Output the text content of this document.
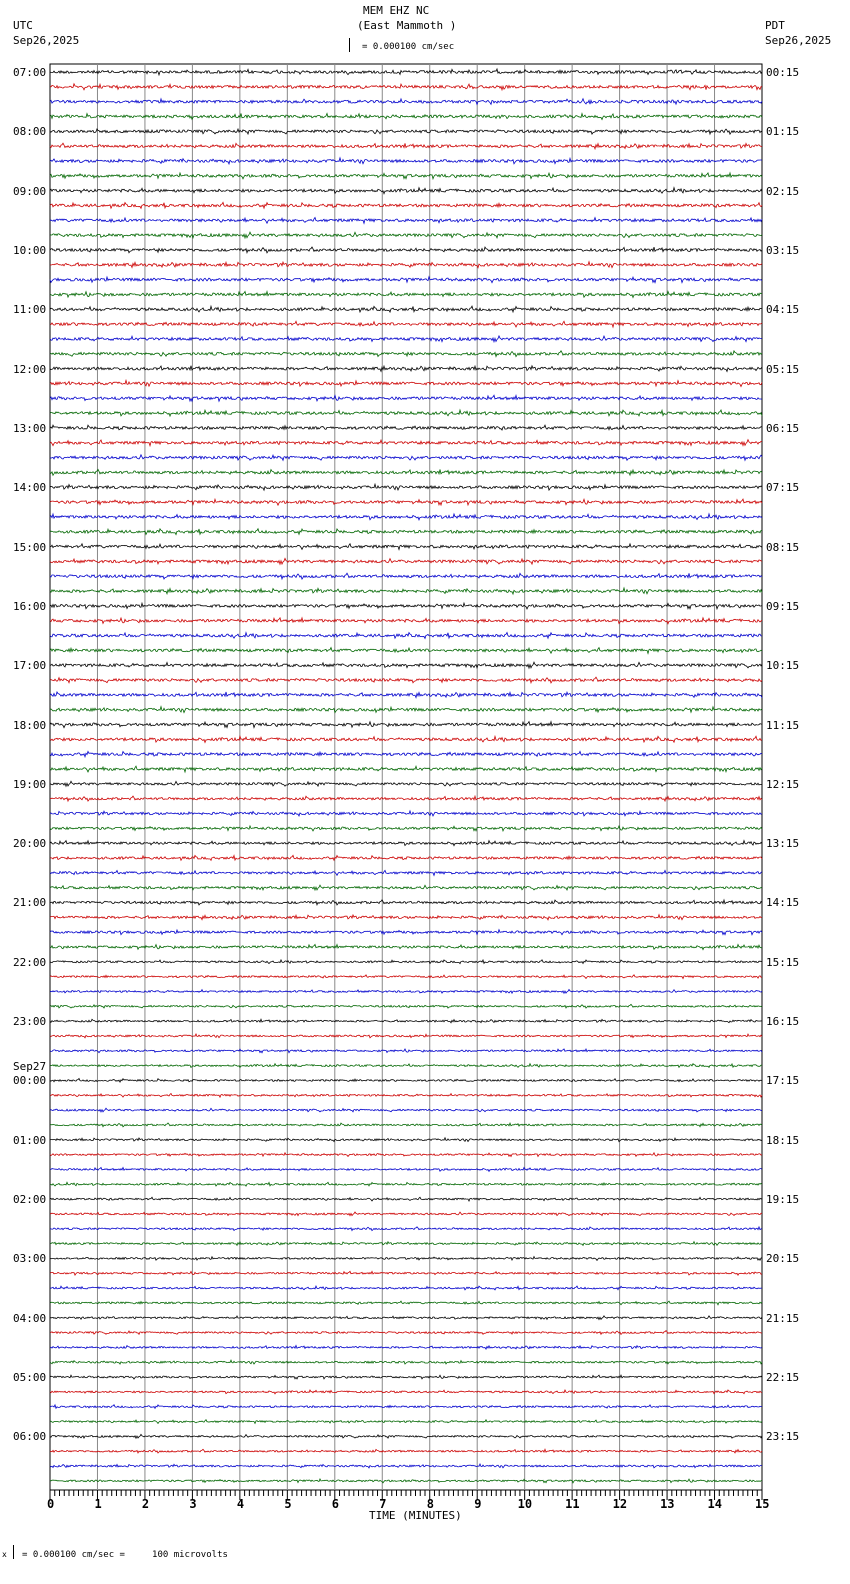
MEM EHZ NC
(East Mammoth )
UTC
Sep26,2025
PDT
Sep26,2025
= 0.000100 cm/sec
07:00
08:00
09:00
10:00
11:00
12:00
13:00
14:00
15:00
16:00
17:00
18:00
19:00
20:00
21:00
22:00
23:00
00:00
Sep27
01:00
02:00
03:00
04:00
05:00
06:00
00:15
01:15
02:15
03:15
04:15
05:15
06:15
07:15
08:15
09:15
10:15
11:15
12:15
13:15
14:15
15:15
16:15
17:15
18:15
19:15
20:15
21:15
22:15
23:15
0	1	2	3	4	5	6	7	8	9	10	11	12	13	14	15
TIME (MINUTES)
x = 0.000100 cm/sec =     100 microvolts
